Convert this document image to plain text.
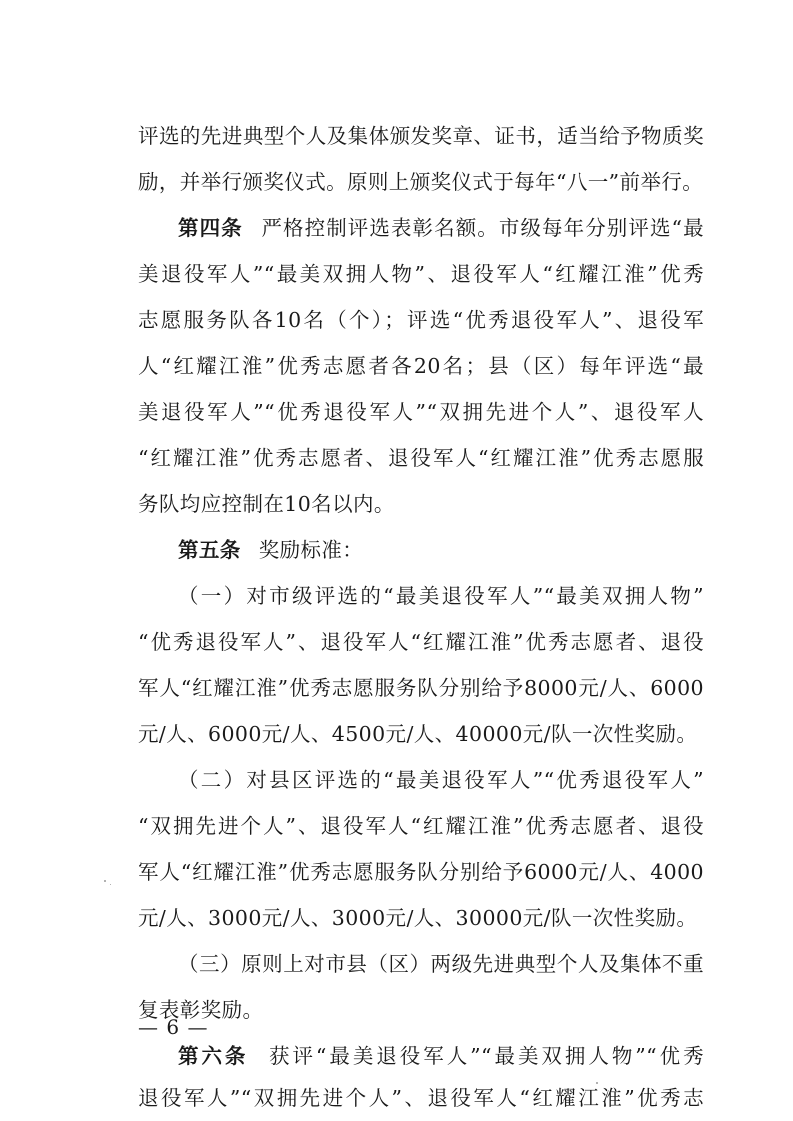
评选的先进典型个人及集体颁发奖章、证书，适当给予物质奖
励，并举行颁奖仪式。原则上颁奖仪式于每年“八一”前举行。
第四条 严格控制评选表彰名额。市级每年分别评选“最
美退役军人”“最美双拥人物”、退役军人“红耀江淮”优秀
志愿服务队各10名（个）；评选“优秀退役军人”、退役军
人“红耀江淮”优秀志愿者各20名；县（区）每年评选“最
美退役军人”“优秀退役军人”“双拥先进个人”、退役军人
“红耀江淮”优秀志愿者、退役军人“红耀江淮”优秀志愿服
务队均应控制在10名以内。
第五条 奖励标准：
（一）对市级评选的“最美退役军人”“最美双拥人物”
“优秀退役军人”、退役军人“红耀江淮”优秀志愿者、退役
军人“红耀江淮”优秀志愿服务队分别给予8000元/人、6000
元/人、6000元/人、4500元/人、40000元/队一次性奖励。
（二）对县区评选的“最美退役军人”“优秀退役军人”
“双拥先进个人”、退役军人“红耀江淮”优秀志愿者、退役
军人“红耀江淮”优秀志愿服务队分别给予6000元/人、4000
元/人、3000元/人、3000元/人、30000元/队一次性奖励。
（三）原则上对市县（区）两级先进典型个人及集体不重
复表彰奖励。
第六条 获评“最美退役军人”“最美双拥人物”“优秀
退役军人”“双拥先进个人”、退役军人“红耀江淮”优秀志
— 6 —
